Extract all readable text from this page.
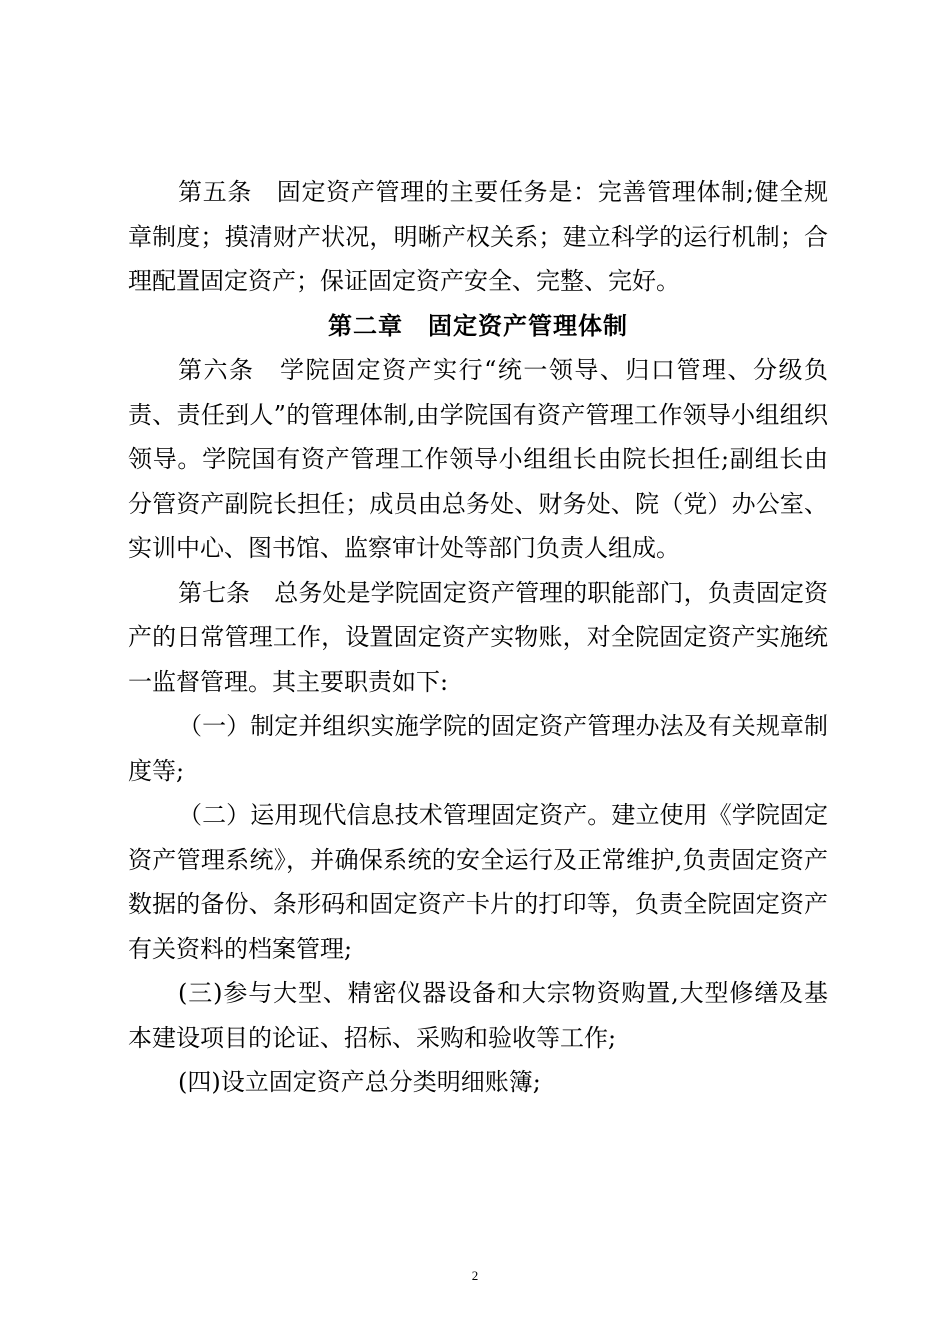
第五条　固定资产管理的主要任务是：完善管理体制;健全规章制度；摸清财产状况，明晰产权关系；建立科学的运行机制；合理配置固定资产；保证固定资产安全、完整、完好。

第二章　固定资产管理体制

第六条　学院固定资产实行“统一领导、归口管理、分级负责、责任到人”的管理体制,由学院国有资产管理工作领导小组组织领导。学院国有资产管理工作领导小组组长由院长担任;副组长由分管资产副院长担任；成员由总务处、财务处、院（党）办公室、实训中心、图书馆、监察审计处等部门负责人组成。

第七条　总务处是学院固定资产管理的职能部门，负责固定资产的日常管理工作，设置固定资产实物账，对全院固定资产实施统一监督管理。其主要职责如下:

（一）制定并组织实施学院的固定资产管理办法及有关规章制度等;

（二）运用现代信息技术管理固定资产。建立使用《学院固定资产管理系统》，并确保系统的安全运行及正常维护,负责固定资产数据的备份、条形码和固定资产卡片的打印等，负责全院固定资产有关资料的档案管理;

(三)参与大型、精密仪器设备和大宗物资购置,大型修缮及基本建设项目的论证、招标、采购和验收等工作;

(四)设立固定资产总分类明细账簿;

2
